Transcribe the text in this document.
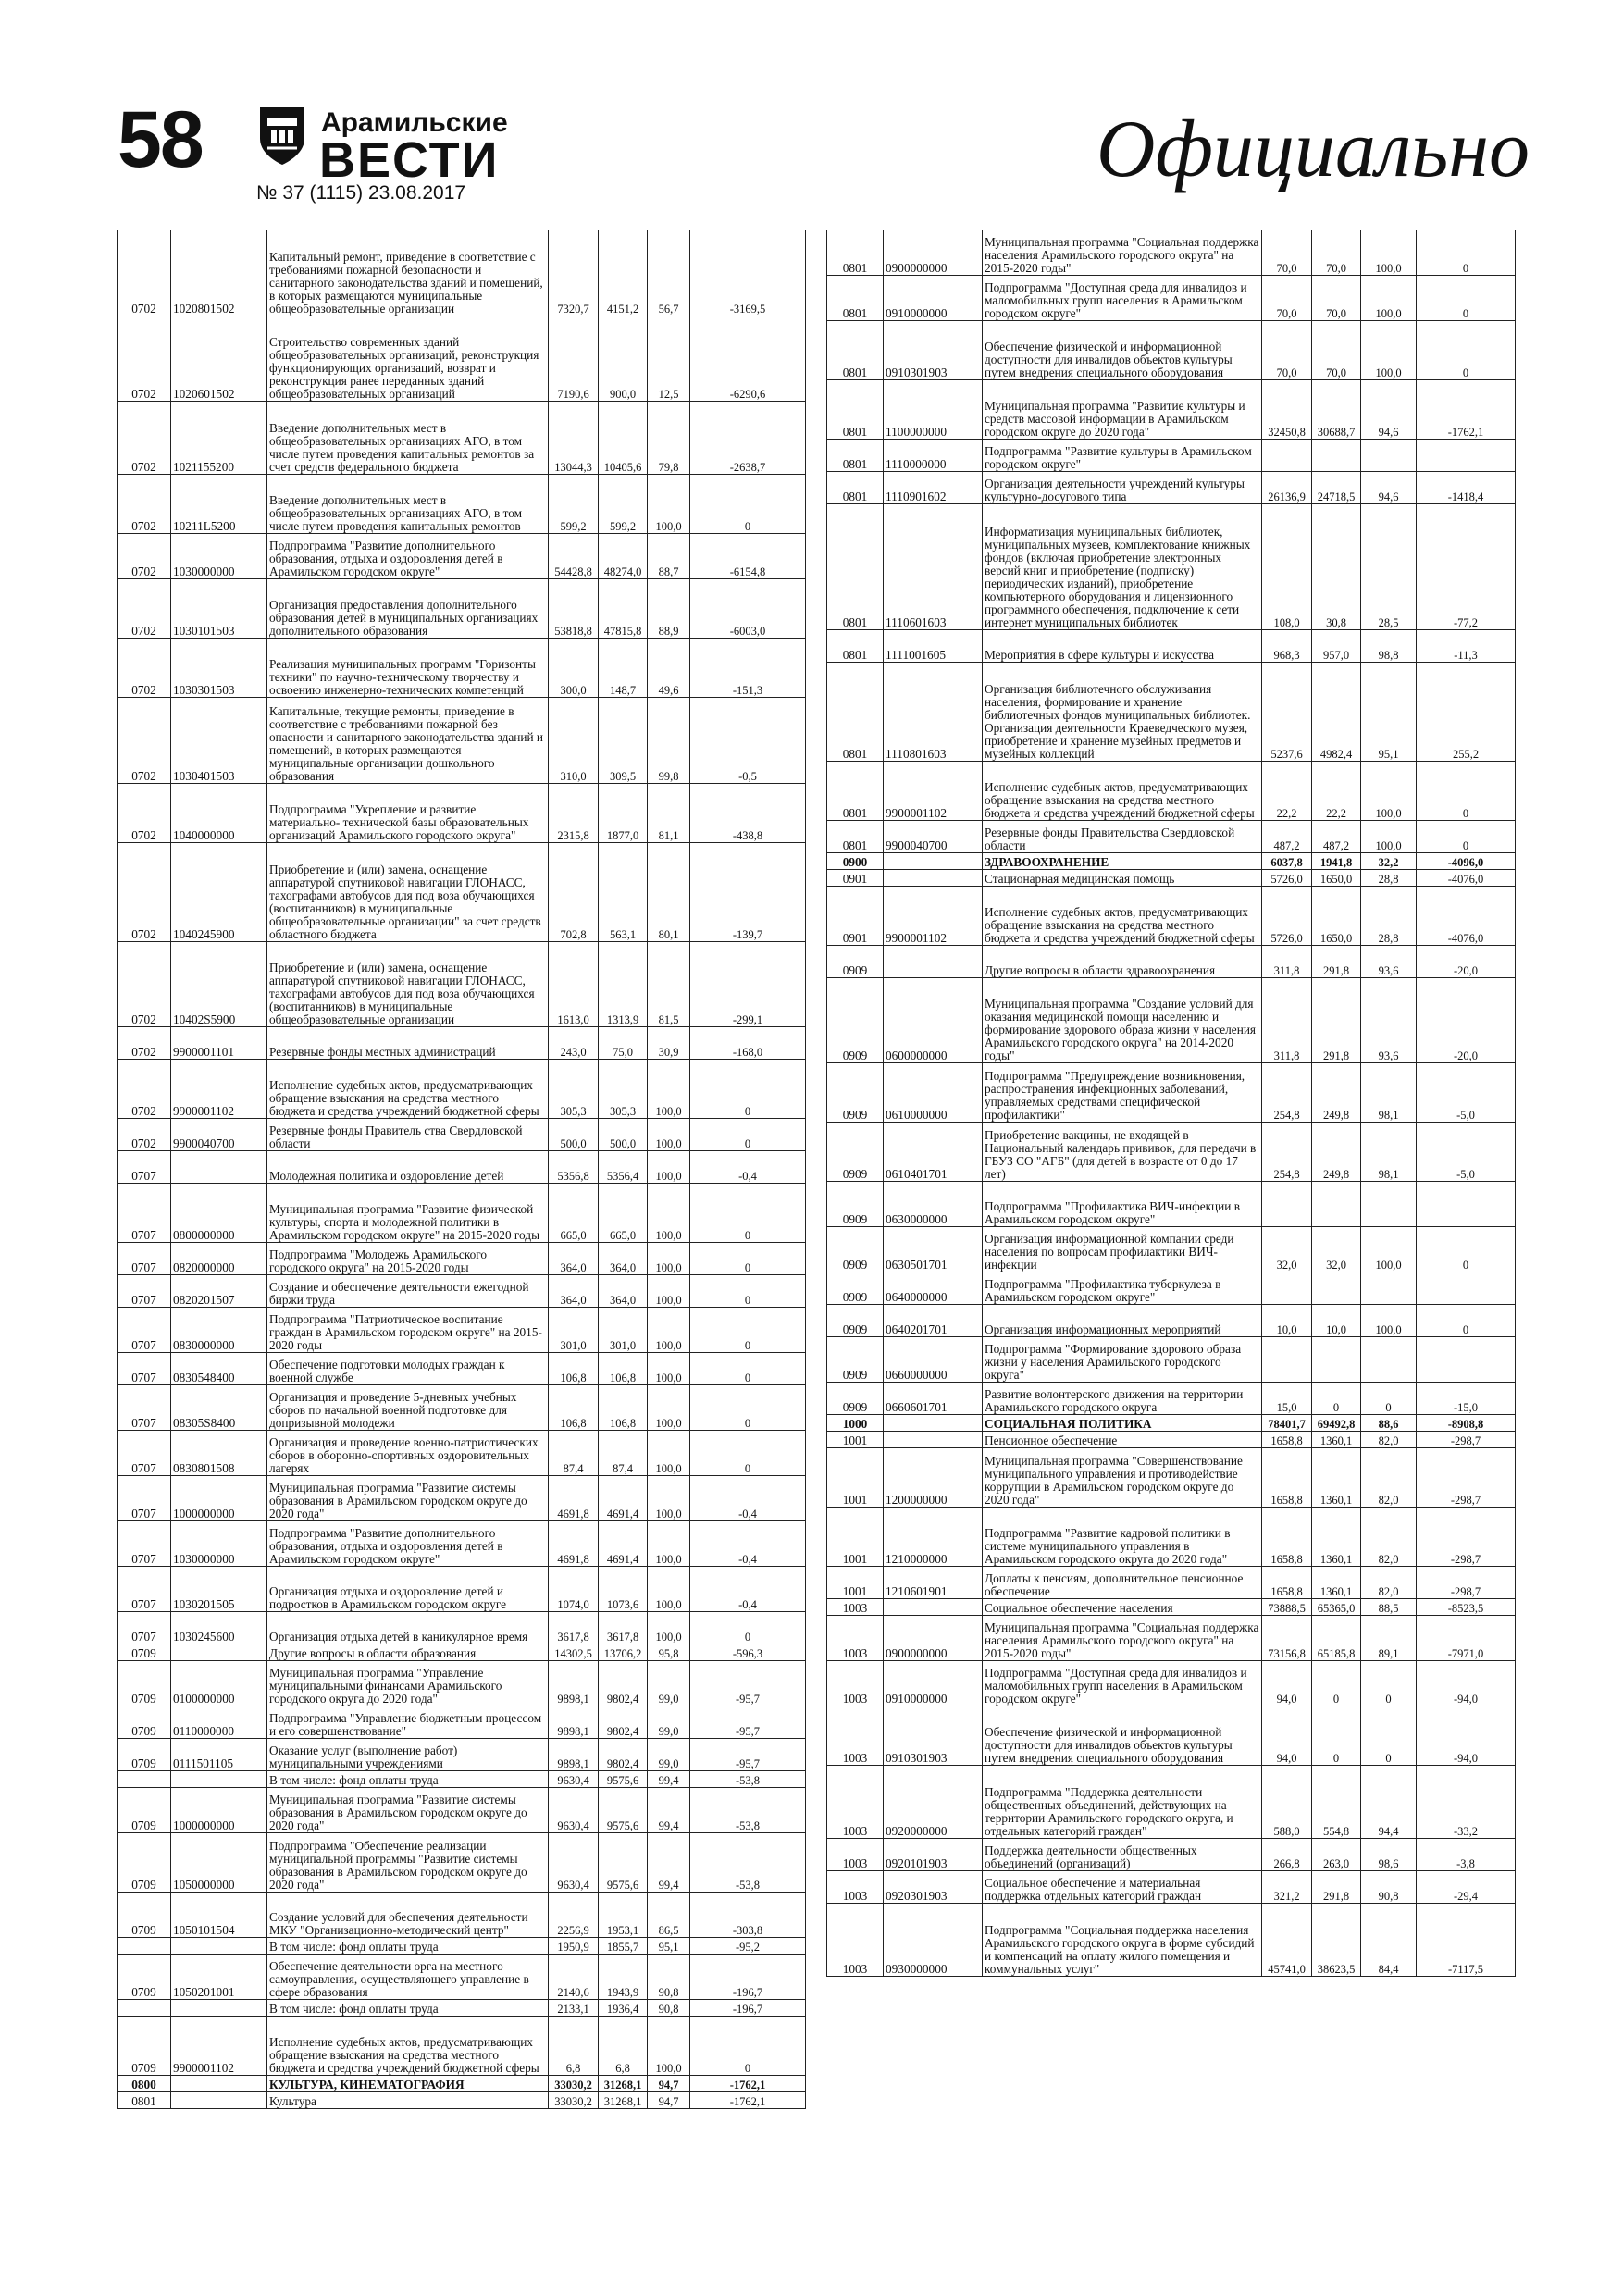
58	Арамильские
ВЕСТИ
№ 37 (1115) 23.08.2017	Официально
0702	1020801502	Капитальный ремонт, приведение в соответствие с требованиями пожарной безопасности и санитарного законодательства зданий и помещений, в которых размещаются муниципальные общеобразовательные организации	7320,7	4151,2	56,7	-3169,5
0702	1020601502	Строительство современных зданий общеобразовательных организаций, реконструкция функционирующих организаций, возврат и реконструкция ранее переданных зданий общеобразовательных организаций	7190,6	900,0	12,5	-6290,6
0702	1021155200	Введение дополнительных мест в общеобразовательных организациях АГО, в том числе путем проведения капитальных ремонтов за счет средств федерального бюджета	13044,3	10405,6	79,8	-2638,7
0702	10211L5200	Введение дополнительных мест в общеобразовательных организациях АГО, в том числе путем проведения капитальных ремонтов	599,2	599,2	100,0	0
0702	1030000000	Подпрограмма "Развитие дополнительного образования, отдыха и оздоровления детей в Арамильском городском округе"	54428,8	48274,0	88,7	-6154,8
0702	1030101503	Организация предоставления дополнительного образования детей в муниципальных организациях дополнительного образования	53818,8	47815,8	88,9	-6003,0
0702	1030301503	Реализация муниципальных программ "Горизонты техники" по научно-техническому творчеству и освоению инженерно-технических компетенций	300,0	148,7	49,6	-151,3
0702	1030401503	Капитальные, текущие ремонты, приведение в соответствие с требованиями пожарной без опасности и санитарного законодательства зданий и помещений, в которых размещаются муниципальные организации дошкольного образования	310,0	309,5	99,8	-0,5
0702	1040000000	Подпрограмма "Укрепление и развитие материально- технической базы образовательных организаций Арамильского городского округа"	2315,8	1877,0	81,1	-438,8
0702	1040245900	Приобретение и (или) замена, оснащение аппаратурой спутниковой навигации ГЛОНАСС, тахографами автобусов для под воза обучающихся (воспитанников) в муниципальные общеобразовательные организации" за счет средств областного бюджета	702,8	563,1	80,1	-139,7
0702	10402S5900	Приобретение и (или) замена, оснащение аппаратурой спутниковой навигации ГЛОНАСС, тахографами автобусов для под воза обучающихся (воспитанников) в муниципальные общеобразовательные организации	1613,0	1313,9	81,5	-299,1
0702	9900001101	Резервные фонды местных администраций	243,0	75,0	30,9	-168,0
0702	9900001102	Исполнение судебных актов, предусматривающих обращение взыскания на средства местного бюджета и средства учреждений бюджетной сферы	305,3	305,3	100,0	0
0702	9900040700	Резервные фонды Правитель ства Свердловской области	500,0	500,0	100,0	0
0707		Молодежная политика и оздоровление детей	5356,8	5356,4	100,0	-0,4
0707	0800000000	Муниципальная программа "Развитие физической культуры, спорта и молодежной политики в Арамильском городском округе" на 2015-2020 годы	665,0	665,0	100,0	0
0707	0820000000	Подпрограмма "Молодежь Арамильского городского округа" на 2015-2020 годы	364,0	364,0	100,0	0
0707	0820201507	Создание и обеспечение деятельности ежегодной биржи труда	364,0	364,0	100,0	0
0707	0830000000	Подпрограмма "Патриотическое воспитание граждан в Арамильском городском округе" на 2015-2020 годы	301,0	301,0	100,0	0
0707	0830548400	Обеспечение подготовки молодых граждан к военной службе	106,8	106,8	100,0	0
0707	08305S8400	Организация и проведение 5-дневных учебных сборов по начальной военной подготовке для допризывной молодежи	106,8	106,8	100,0	0
0707	0830801508	Организация и проведение военно-патриотических сборов в оборонно-спортивных оздоровительных лагерях	87,4	87,4	100,0	0
0707	1000000000	Муниципальная программа "Развитие системы образования в Арамильском городском округе до 2020 года"	4691,8	4691,4	100,0	-0,4
0707	1030000000	Подпрограмма "Развитие дополнительного образования, отдыха и оздоровления детей в Арамильском городском округе"	4691,8	4691,4	100,0	-0,4
0707	1030201505	Организация отдыха и оздоровление детей и подростков в Арамильском городском округе	1074,0	1073,6	100,0	-0,4
0707	1030245600	Организация отдыха детей в каникулярное время	3617,8	3617,8	100,0	0
0709		Другие вопросы в области образования	14302,5	13706,2	95,8	-596,3
0709	0100000000	Муниципальная программа "Управление муниципальными финансами Арамильского городского округа до 2020 года"	9898,1	9802,4	99,0	-95,7
0709	0110000000	Подпрограмма "Управление бюджетным процессом и его совершенствование"	9898,1	9802,4	99,0	-95,7
0709	0111501105	Оказание услуг (выполнение работ) муниципальными учреждениями	9898,1	9802,4	99,0	-95,7
		В том числе: фонд оплаты труда	9630,4	9575,6	99,4	-53,8
0709	1000000000	Муниципальная программа "Развитие системы образования в Арамильском городском округе до 2020 года"	9630,4	9575,6	99,4	-53,8
0709	1050000000	Подпрограмма "Обеспечение реализации муниципальной программы "Развитие системы образования в Арамильском городском округе до 2020 года"	9630,4	9575,6	99,4	-53,8
0709	1050101504	Создание условий для обеспечения деятельности МКУ "Организационно-методический центр"	2256,9	1953,1	86,5	-303,8
		В том числе: фонд оплаты труда	1950,9	1855,7	95,1	-95,2
0709	1050201001	Обеспечение деятельности орга на местного самоуправления, осуществляющего управление в сфере образования	2140,6	1943,9	90,8	-196,7
		В том числе: фонд оплаты труда	2133,1	1936,4	90,8	-196,7
0709	9900001102	Исполнение судебных актов, предусматривающих обращение взыскания на средства местного бюджета и средства учреждений бюджетной сферы	6,8	6,8	100,0	0
0800		КУЛЬТУРА, КИНЕМАТОГРАФИЯ	33030,2	31268,1	94,7	-1762,1
0801		Культура	33030,2	31268,1	94,7	-1762,1
0801	0900000000	Муниципальная программа "Социальная поддержка населения Арамильского городского округа" на 2015-2020 годы"	70,0	70,0	100,0	0
0801	0910000000	Подпрограмма "Доступная среда для инвалидов и маломобильных групп населения в Арамильском городском округе"	70,0	70,0	100,0	0
0801	0910301903	Обеспечение физической и информационной доступности для инвалидов объектов культуры путем внедрения специального оборудования	70,0	70,0	100,0	0
0801	1100000000	Муниципальная программа "Развитие культуры и средств массовой информации в Арамильском городском округе до 2020 года"	32450,8	30688,7	94,6	-1762,1
0801	1110000000	Подпрограмма "Развитие культуры в Арамильском городском округе"				
0801	1110901602	Организация деятельности учреждений культуры культурно-досугового типа	26136,9	24718,5	94,6	-1418,4
0801	1110601603	Информатизация муниципальных библиотек, муниципальных музеев, комплектование книжных фондов (включая приобретение электронных версий книг и приобретение (подписку) периодических изданий), приобретение компьютерного оборудования и лицензионного программного обеспечения, подключение к сети интернет муниципальных библиотек	108,0	30,8	28,5	-77,2
0801	1111001605	Мероприятия в сфере культуры и искусства	968,3	957,0	98,8	-11,3
0801	1110801603	Организация библиотечного обслуживания населения, формирование и хранение библиотечных фондов муниципальных библиотек. Организация деятельности Краеведческого музея, приобретение и хранение музейных предметов и музейных коллекций	5237,6	4982,4	95,1	255,2
0801	9900001102	Исполнение судебных актов, предусматривающих обращение взыскания на средства местного бюджета и средства учреждений бюджетной сферы	22,2	22,2	100,0	0
0801	9900040700	Резервные фонды Правительства Свердловской области	487,2	487,2	100,0	0
0900		ЗДРАВООХРАНЕНИЕ	6037,8	1941,8	32,2	-4096,0
0901		Стационарная медицинская помощь	5726,0	1650,0	28,8	-4076,0
0901	9900001102	Исполнение судебных актов, предусматривающих обращение взыскания на средства местного бюджета и средства учреждений бюджетной сферы	5726,0	1650,0	28,8	-4076,0
0909		Другие вопросы в области здравоохранения	311,8	291,8	93,6	-20,0
0909	0600000000	Муниципальная программа "Создание условий для оказания медицинской помощи населению и формирование здорового образа жизни у населения Арамильского городского округа" на 2014-2020 годы"	311,8	291,8	93,6	-20,0
0909	0610000000	Подпрограмма "Предупреждение возникновения, распространения инфекционных заболеваний, управляемых средствами специфической профилактики"	254,8	249,8	98,1	-5,0
0909	0610401701	Приобретение вакцины, не входящей в Национальный календарь прививок, для передачи в ГБУЗ СО "АГБ" (для детей в возрасте от 0 до 17 лет)	254,8	249,8	98,1	-5,0
0909	0630000000	Подпрограмма "Профилактика ВИЧ-инфекции в Арамильском городском округе"				
0909	0630501701	Организация информационной компании среди населения по вопросам профилактики ВИЧ-инфекции	32,0	32,0	100,0	0
0909	0640000000	Подпрограмма "Профилактика туберкулеза в Арамильском городском округе"				
0909	0640201701	Организация информационных мероприятий	10,0	10,0	100,0	0
0909	0660000000	Подпрограмма "Формирование здорового образа жизни у населения Арамильского городского округа"				
0909	0660601701	Развитие волонтерского движения на территории Арамильского городского округа	15,0	0	0	-15,0
1000		СОЦИАЛЬНАЯ ПОЛИТИКА	78401,7	69492,8	88,6	-8908,8
1001		Пенсионное обеспечение	1658,8	1360,1	82,0	-298,7
1001	1200000000	Муниципальная программа "Совершенствование муниципального управления и противодействие коррупции в Арамильском городском округе до 2020 года"	1658,8	1360,1	82,0	-298,7
1001	1210000000	Подпрограмма "Развитие кадровой политики в системе муниципального управления в Арамильском городского округа до 2020 года"	1658,8	1360,1	82,0	-298,7
1001	1210601901	Доплаты к пенсиям, дополнительное пенсионное обеспечение	1658,8	1360,1	82,0	-298,7
1003		Социальное обеспечение населения	73888,5	65365,0	88,5	-8523,5
1003	0900000000	Муниципальная программа "Социальная поддержка населения Арамильского городского округа" на 2015-2020 годы"	73156,8	65185,8	89,1	-7971,0
1003	0910000000	Подпрограмма "Доступная среда для инвалидов и маломобильных групп населения в Арамильском городском округе"	94,0	0	0	-94,0
1003	0910301903	Обеспечение физической и информационной доступности для инвалидов объектов культуры путем внедрения специального оборудования	94,0	0	0	-94,0
1003	0920000000	Подпрограмма "Поддержка деятельности общественных объединений, действующих на территории Арамильского городского округа, и отдельных категорий граждан"	588,0	554,8	94,4	-33,2
1003	0920101903	Поддержка деятельности общественных объединений (организаций)	266,8	263,0	98,6	-3,8
1003	0920301903	Социальное обеспечение и материальная поддержка отдельных категорий граждан	321,2	291,8	90,8	-29,4
1003	0930000000	Подпрограмма "Социальная поддержка населения Арамильского городского округа в форме субсидий и компенсаций на оплату жилого помещения и коммунальных услуг"	45741,0	38623,5	84,4	-7117,5
